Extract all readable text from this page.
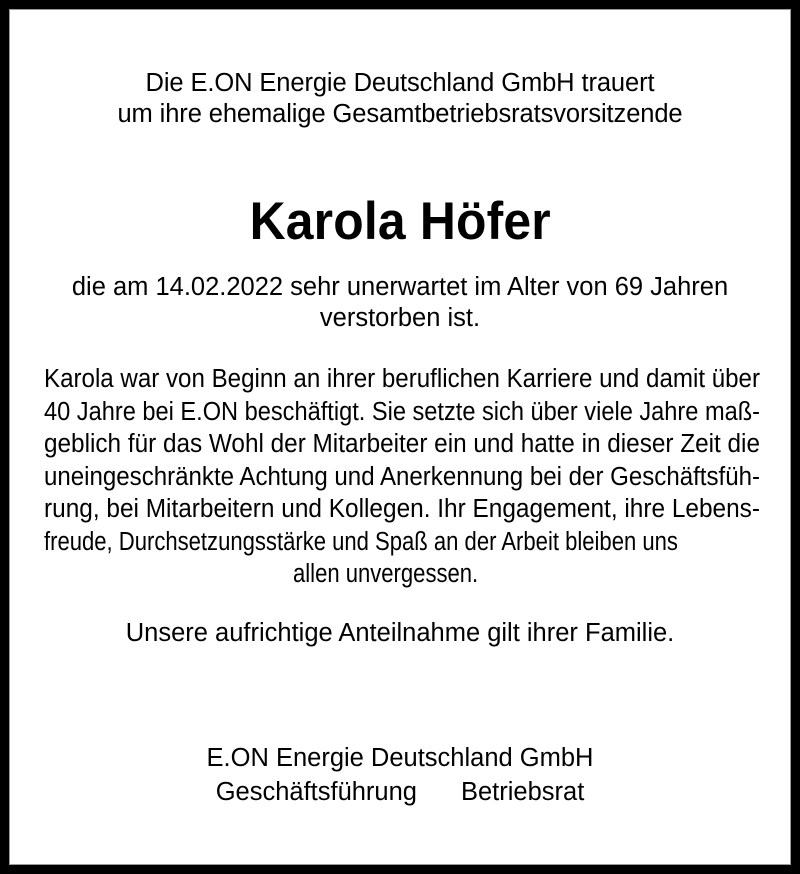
Die E.ON Energie Deutschland GmbH trauert
um ihre ehemalige Gesamtbetriebsratsvorsitzende
Karola Höfer
die am 14.02.2022 sehr unerwartet im Alter von 69 Jahren
verstorben ist.
Karola war von Beginn an ihrer beruflichen Karriere und damit über
40 Jahre bei E.ON beschäftigt. Sie setzte sich über viele Jahre maß-
geblich für das Wohl der Mitarbeiter ein und hatte in dieser Zeit die
uneingeschränkte Achtung und Anerkennung bei der Geschäftsfüh-
rung, bei Mitarbeitern und Kollegen. Ihr Engagement, ihre Lebens-
freude, Durchsetzungsstärke und Spaß an der Arbeit bleiben uns
allen unvergessen.
Unsere aufrichtige Anteilnahme gilt ihrer Familie.
E.ON Energie Deutschland GmbH
Geschäftsführung Betriebsrat
